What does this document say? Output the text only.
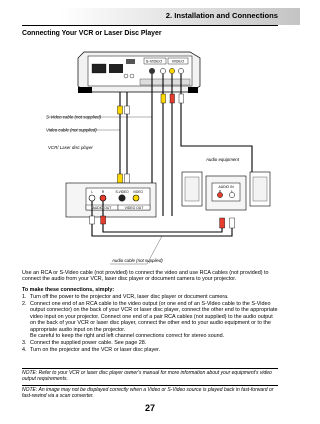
2. Installation and Connections
Connecting Your VCR or Laser Disc Player
S-VIDEO VIDEO
S-Video cable (not supplied)
Video cable (not supplied)
VCR/ Laser disc player
Audio equipment
L	R	S-VIDEO VIDEO
AUDIO OUT	VIDEO OUT
AUDIO IN
R	L
Audio cable (not supplied)
Use an RCA or S-Video cable (not provided) to connect the video and use RCA cables (not provided) to connect the audio from your VCR, laser disc player or document camera to your projector.
To make these connections, simply:
1. Turn off the power to the projector and VCR, laser disc player or document camera.
2. Connect one end of an RCA cable to the video output (or one end of an S-Video cable to the S-Video output connector) on the back of your VCR or laser disc player, connect the other end to the appropriate video input on your projector. Connect one end of a pair RCA cables (not supplied) to the audio output on the back of your VCR or laser disc player, connect the other end to your audio equipment or to the appropriate audio input on the projector.
Be careful to keep the right and left channel connections correct for stereo sound.
3. Connect the supplied power cable. See page 28.
4. Turn on the projector and the VCR or laser disc player.
NOTE: Refer to your VCR or laser disc player owner's manual for more information about your equipment's video output requirements.
NOTE: An image may not be displayed correctly when a Video or S-Video source is played back in fast-forward or fast-rewind via a scan converter.
27
